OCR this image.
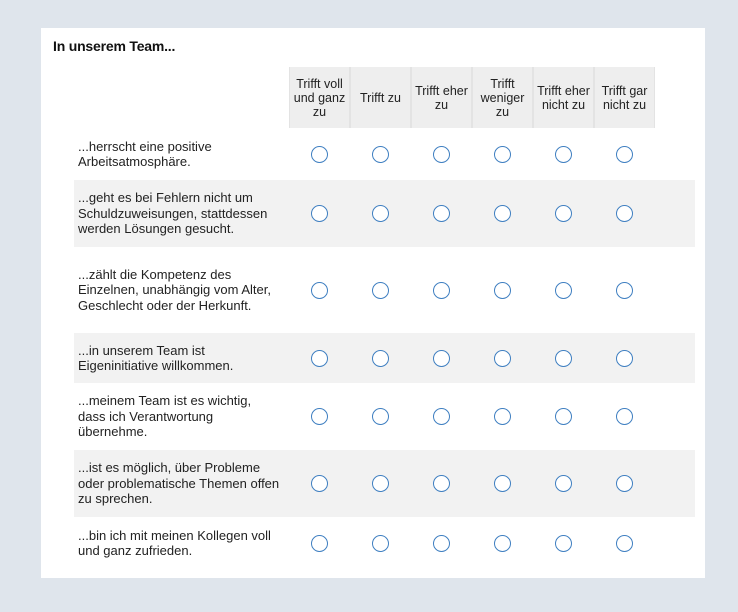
In unserem Team...
Trifft voll und ganz zu
Trifft zu	Trifft eher zu
Trifft weniger zu
Trifft eher nicht zu
Trifft gar nicht zu
...herrscht eine positive Arbeitsatmosphäre.
...geht es bei Fehlern nicht um Schuldzuweisungen, stattdessen werden Lösungen gesucht.
...zählt die Kompetenz des Einzelnen, unabhängig vom Alter, Geschlecht oder der Herkunft.
...in unserem Team ist Eigeninitiative willkommen.
...meinem Team ist es wichtig, dass ich Verantwortung übernehme.
...ist es möglich, über Probleme oder problematische Themen offen zu sprechen.
...bin ich mit meinen Kollegen voll und ganz zufrieden.
